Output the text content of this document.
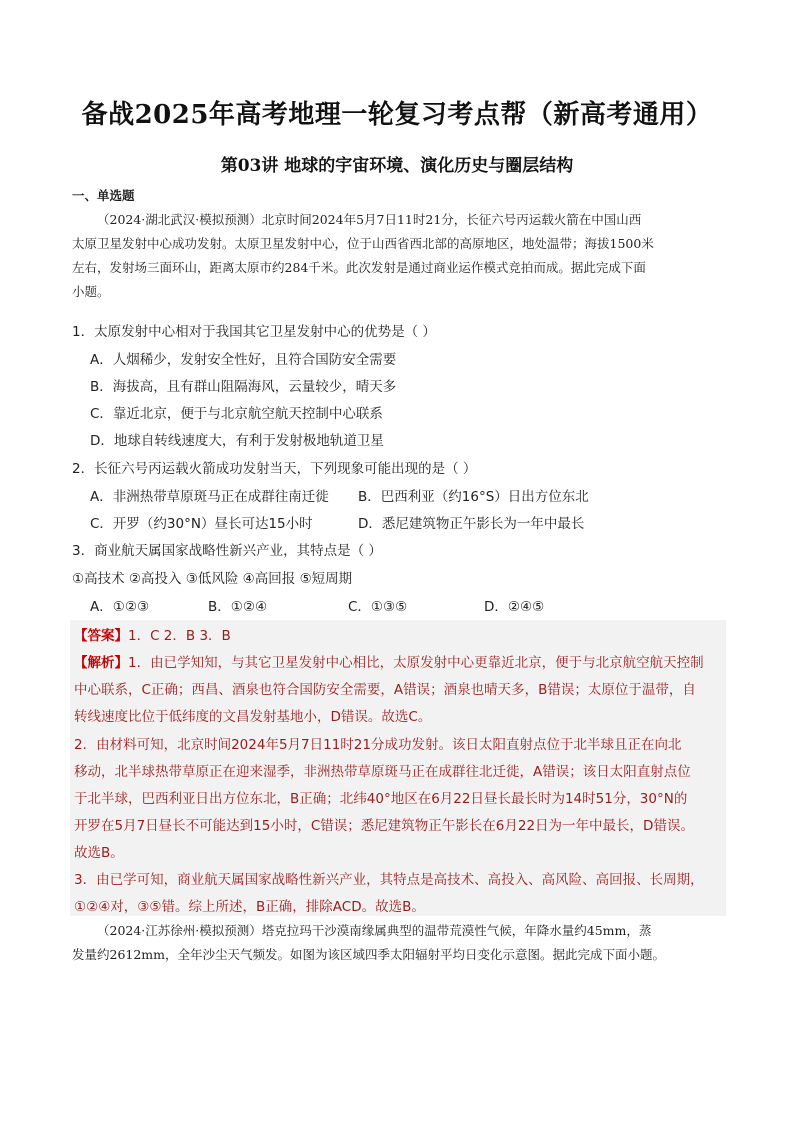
备战2025年高考地理一轮复习考点帮（新高考通用）
第03讲 地球的宇宙环境、演化历史与圈层结构
一、单选题
（2024·湖北武汉·模拟预测）北京时间2024年5月7日11时21分，长征六号丙运载火箭在中国山西
太原卫星发射中心成功发射。太原卫星发射中心，位于山西省西北部的高原地区，地处温带；海拔1500米
左右，发射场三面环山，距离太原市约284千米。此次发射是通过商业运作模式竞拍而成。据此完成下面
小题。
1．太原发射中心相对于我国其它卫星发射中心的优势是（ ）
A．人烟稀少，发射安全性好，且符合国防安全需要
B．海拔高，且有群山阻隔海风，云量较少，晴天多
C．靠近北京，便于与北京航空航天控制中心联系
D．地球自转线速度大，有利于发射极地轨道卫星
2．长征六号丙运载火箭成功发射当天，下列现象可能出现的是（ ）
A．非洲热带草原斑马正在成群往南迁徙 B．巴西利亚（约16°S）日出方位东北
C．开罗（约30°N）昼长可达15小时	D．悉尼建筑物正午影长为一年中最长
3．商业航天属国家战略性新兴产业，其特点是（ ）
①高技术 ②高投入 ③低风险 ④高回报 ⑤短周期
A．①②③	B．①②④	C．①③⑤	D．②④⑤
【答案】1．C 2．B 3．B
【解析】1．由已学知知，与其它卫星发射中心相比，太原发射中心更靠近北京，便于与北京航空航天控制
中心联系，C正确；西昌、酒泉也符合国防安全需要，A错误；酒泉也晴天多，B错误；太原位于温带，自
转线速度比位于低纬度的文昌发射基地小，D错误。故选C。
2．由材料可知，北京时间2024年5月7日11时21分成功发射。该日太阳直射点位于北半球且正在向北
移动，北半球热带草原正在迎来湿季，非洲热带草原斑马正在成群往北迁徙，A错误；该日太阳直射点位
于北半球，巴西利亚日出方位东北，B正确；北纬40°地区在6月22日昼长最长时为14时51分，30°N的
开罗在5月7日昼长不可能达到15小时，C错误；悉尼建筑物正午影长在6月22日为一年中最长，D错误。
故选B。
3．由已学可知，商业航天属国家战略性新兴产业，其特点是高技术、高投入、高风险、高回报、长周期，
①②④对，③⑤错。综上所述，B正确，排除ACD。故选B。
（2024·江苏徐州·模拟预测）塔克拉玛干沙漠南缘属典型的温带荒漠性气候，年降水量约45mm，蒸
发量约2612mm，全年沙尘天气频发。如图为该区域四季太阳辐射平均日变化示意图。据此完成下面小题。
